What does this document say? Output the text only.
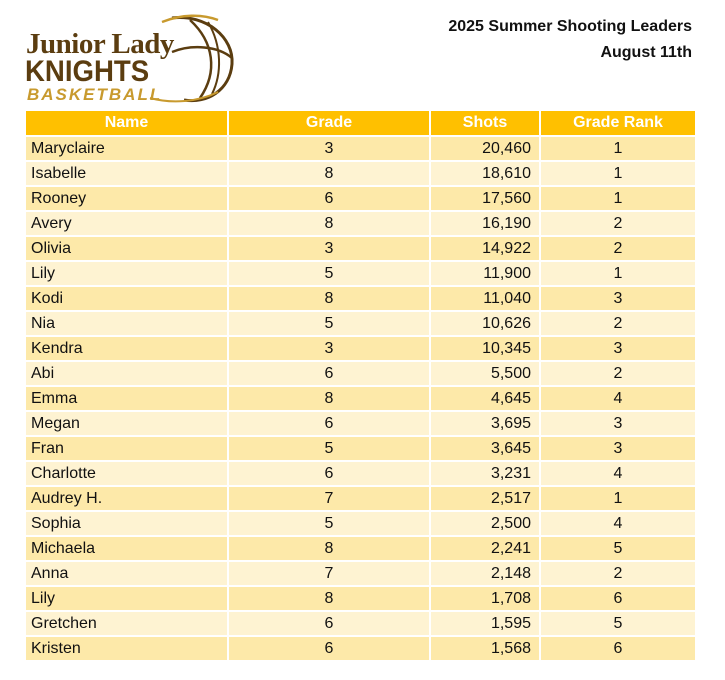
Junior Lady
KNIGHTS
BASKETBALL
2025 Summer Shooting Leaders
August 11th
Name	Grade	Shots	Grade Rank
Maryclaire	3	20,460	1
Isabelle	8	18,610	1
Rooney	6	17,560	1
Avery	8	16,190	2
Olivia	3	14,922	2
Lily	5	11,900	1
Kodi	8	11,040	3
Nia	5	10,626	2
Kendra	3	10,345	3
Abi	6	5,500	2
Emma	8	4,645	4
Megan	6	3,695	3
Fran	5	3,645	3
Charlotte	6	3,231	4
Audrey H.	7	2,517	1
Sophia	5	2,500	4
Michaela	8	2,241	5
Anna	7	2,148	2
Lily	8	1,708	6
Gretchen	6	1,595	5
Kristen	6	1,568	6
